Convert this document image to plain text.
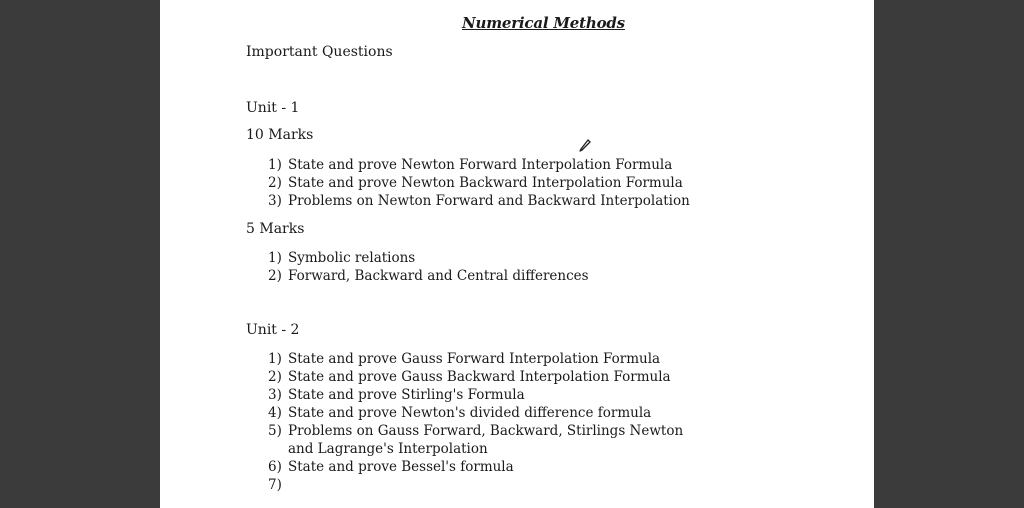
Numerical Methods
Important Questions
Unit - 1
10 Marks
1) State and prove Newton Forward Interpolation Formula
2) State and prove Newton Backward Interpolation Formula
3) Problems on Newton Forward and Backward Interpolation
5 Marks
1) Symbolic relations
2) Forward, Backward and Central differences
Unit - 2
1) State and prove Gauss Forward Interpolation Formula
2) State and prove Gauss Backward Interpolation Formula
3) State and prove Stirling's Formula
4) State and prove Newton's divided difference formula
5) Problems on Gauss Forward, Backward, Stirlings Newton and Lagrange's Interpolation
6) State and prove Bessel's formula
7)
